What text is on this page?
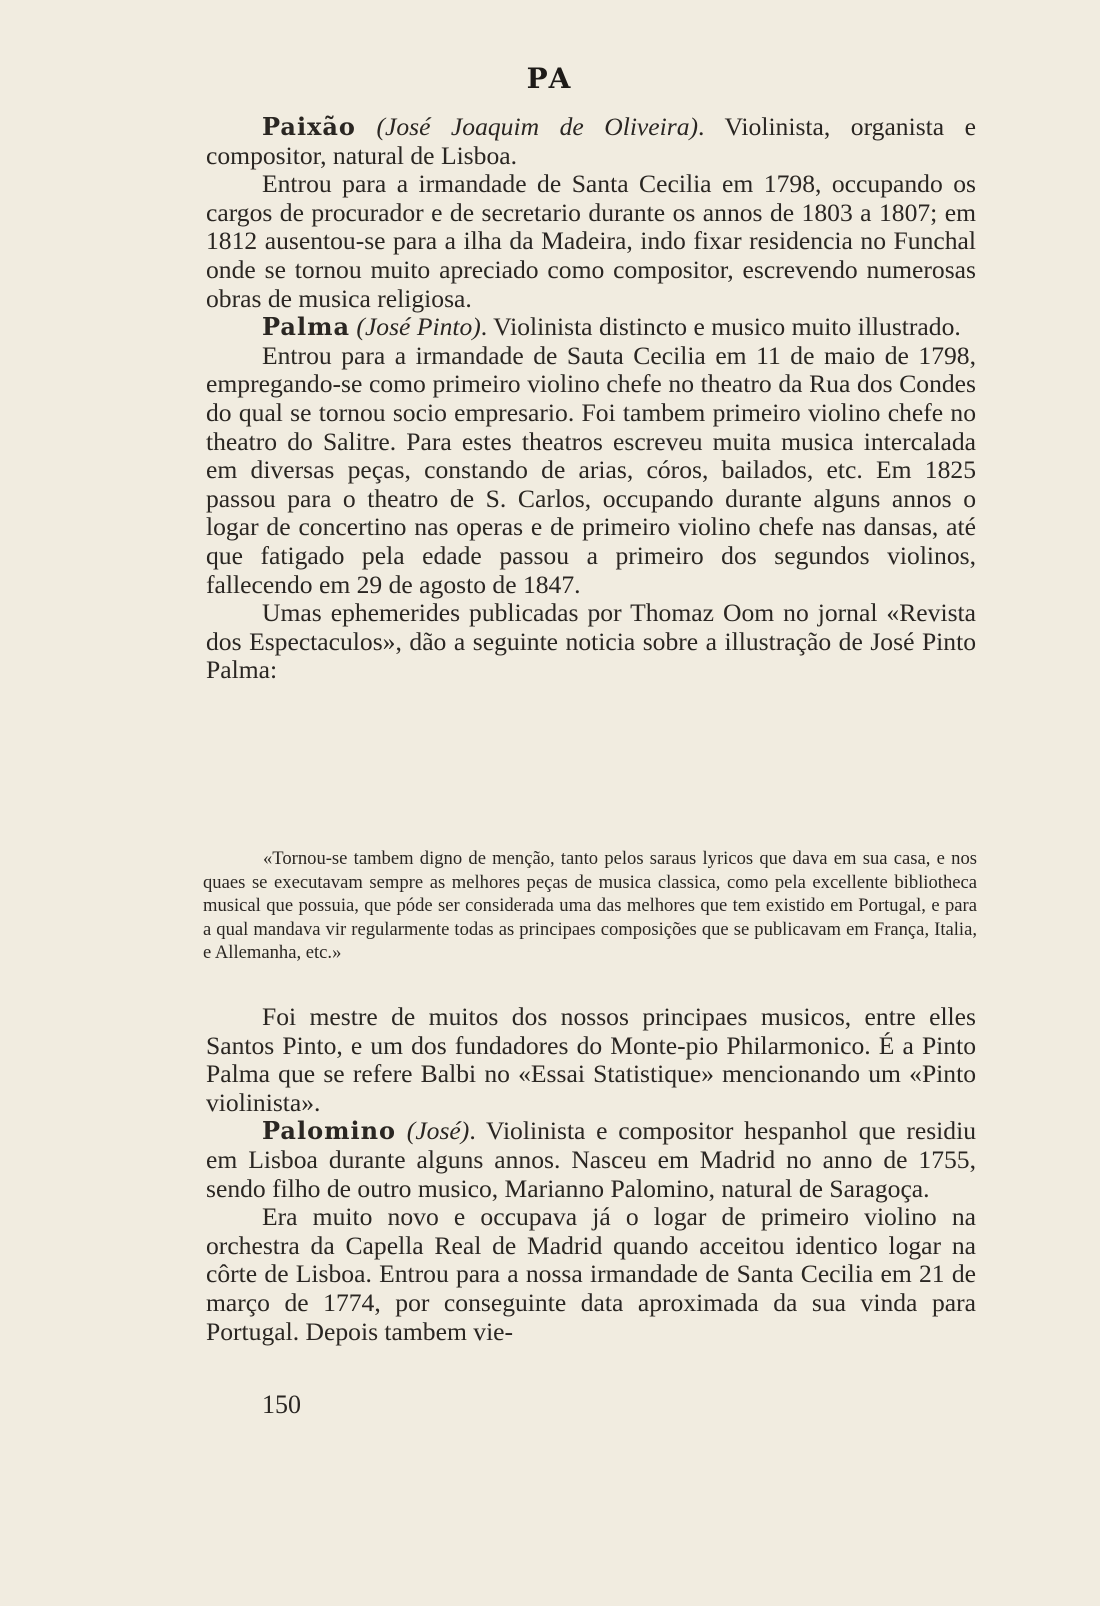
PA

Paixão (José Joaquim de Oliveira). Violinista, organista e compositor, natural de Lisboa.

Entrou para a irmandade de Santa Cecilia em 1798, occupando os cargos de procurador e de secretario durante os annos de 1803 a 1807; em 1812 ausentou-se para a ilha da Madeira, indo fixar residencia no Funchal onde se tornou muito apreciado como compositor, escrevendo numerosas obras de musica religiosa.

Palma (José Pinto). Violinista distincto e musico muito illustrado.

Entrou para a irmandade de Sauta Cecilia em 11 de maio de 1798, empregando-se como primeiro violino chefe no theatro da Rua dos Condes do qual se tornou socio empresario. Foi tambem primeiro violino chefe no theatro do Salitre. Para estes theatros escreveu muita musica intercalada em diversas peças, constando de arias, córos, bailados, etc. Em 1825 passou para o theatro de S. Carlos, occupando durante alguns annos o logar de concertino nas operas e de primeiro violino chefe nas dansas, até que fatigado pela edade passou a primeiro dos segundos violinos, fallecendo em 29 de agosto de 1847.

Umas ephemerides publicadas por Thomaz Oom no jornal «Revista dos Espectaculos», dão a seguinte noticia sobre a illustração de José Pinto Palma:

«Tornou-se tambem digno de menção, tanto pelos saraus lyricos que dava em sua casa, e nos quaes se executavam sempre as melhores peças de musica classica, como pela excellente bibliotheca musical que possuia, que póde ser considerada uma das melhores que tem existido em Portugal, e para a qual mandava vir regularmente todas as principaes composições que se publicavam em França, Italia, e Allemanha, etc.»

Foi mestre de muitos dos nossos principaes musicos, entre elles Santos Pinto, e um dos fundadores do Monte-pio Philarmonico. É a Pinto Palma que se refere Balbi no «Essai Statistique» mencionando um «Pinto violinista».

Palomino (José). Violinista e compositor hespanhol que residiu em Lisboa durante alguns annos. Nasceu em Madrid no anno de 1755, sendo filho de outro musico, Marianno Palomino, natural de Saragoça.

Era muito novo e occupava já o logar de primeiro violino na orchestra da Capella Real de Madrid quando acceitou identico logar na côrte de Lisboa. Entrou para a nossa irmandade de Santa Cecilia em 21 de março de 1774, por conseguinte data aproximada da sua vinda para Portugal. Depois tambem vie-

150
